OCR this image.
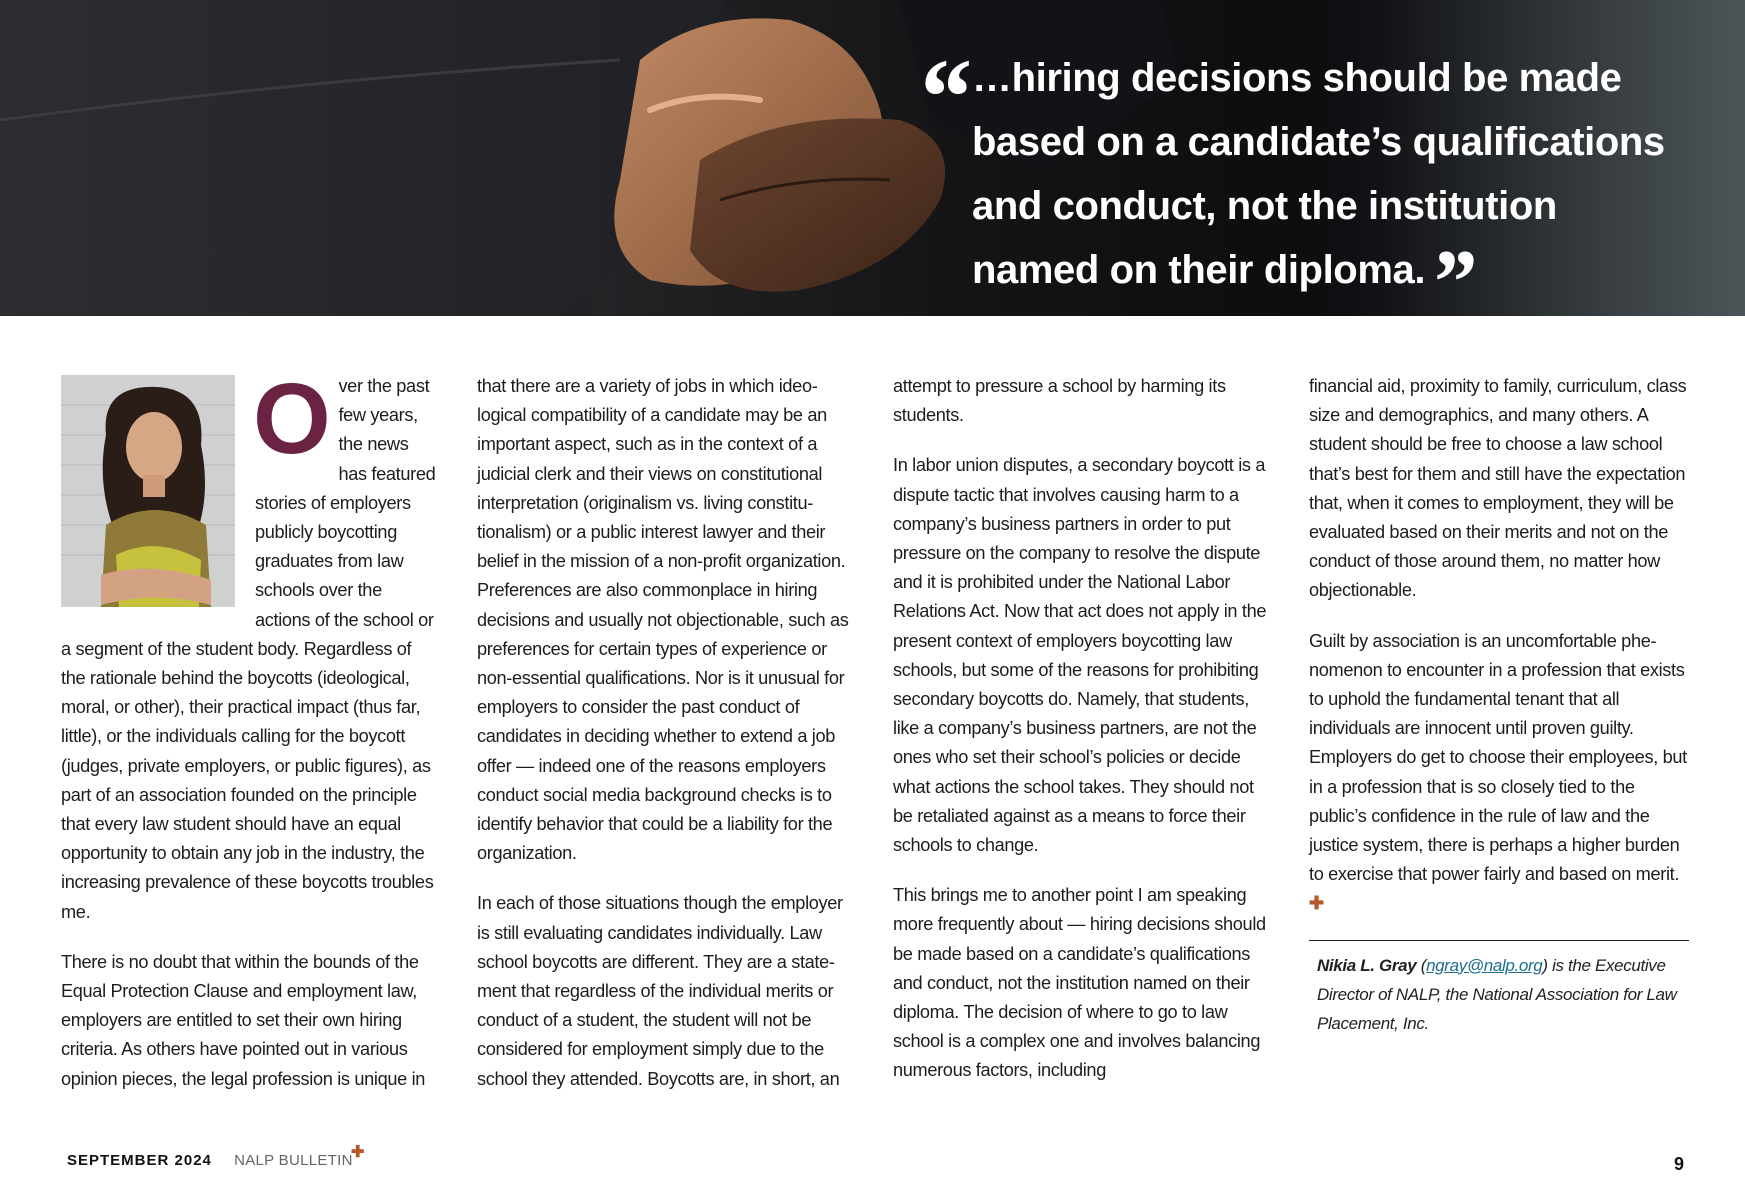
“ …hiring decisions should be made based on a candidate’s qualifications and conduct, not the institution named on their diploma.”

Over the past few years, the news has featured stories of employers publicly boycotting graduates from law schools over the actions of the school or a segment of the student body. Regardless of the rationale behind the boycotts (ideological, moral, or other), their practical impact (thus far, little), or the individuals calling for the boycott (judges, private employers, or public figures), as part of an association founded on the principle that every law student should have an equal opportunity to obtain any job in the industry, the increasing prevalence of these boycotts troubles me.

There is no doubt that within the bounds of the Equal Protection Clause and employment law, employers are entitled to set their own hiring criteria. As others have pointed out in various opinion pieces, the legal profession is unique in

that there are a variety of jobs in which ideological compatibility of a candidate may be an important aspect, such as in the context of a judicial clerk and their views on constitutional interpretation (originalism vs. living constitutionalism) or a public interest lawyer and their belief in the mission of a non-profit organization. Preferences are also commonplace in hiring decisions and usually not objectionable, such as preferences for certain types of experience or non-essential qualifications. Nor is it unusual for employers to consider the past conduct of candidates in deciding whether to extend a job offer — indeed one of the reasons employers conduct social media background checks is to identify behavior that could be a liability for the organization.

In each of those situations though the employer is still evaluating candidates individually. Law school boycotts are different. They are a statement that regardless of the individual merits or conduct of a student, the student will not be considered for employment simply due to the school they attended. Boycotts are, in short, an

attempt to pressure a school by harming its students.

In labor union disputes, a secondary boycott is a dispute tactic that involves causing harm to a company’s business partners in order to put pressure on the company to resolve the dispute and it is prohibited under the National Labor Relations Act. Now that act does not apply in the present context of employers boycotting law schools, but some of the reasons for prohibiting secondary boycotts do. Namely, that students, like a company’s business partners, are not the ones who set their school’s policies or decide what actions the school takes. They should not be retaliated against as a means to force their schools to change.

This brings me to another point I am speaking more frequently about — hiring decisions should be made based on a candidate’s qualifications and conduct, not the institution named on their diploma. The decision of where to go to law school is a complex one and involves balancing numerous factors, including

financial aid, proximity to family, curriculum, class size and demographics, and many others. A student should be free to choose a law school that’s best for them and still have the expectation that, when it comes to employment, they will be evaluated based on their merits and not on the conduct of those around them, no matter how objectionable.

Guilt by association is an uncomfortable phenomenon to encounter in a profession that exists to uphold the fundamental tenant that all individuals are innocent until proven guilty. Employers do get to choose their employees, but in a profession that is so closely tied to the public’s confidence in the rule of law and the justice system, there is perhaps a higher burden to exercise that power fairly and based on merit. ✚

Nikia L. Gray (ngray@nalp.org) is the Executive Director of NALP, the National Association for Law Placement, Inc.
SEPTEMBER 2024 NALP BULLETIN
✚
9
